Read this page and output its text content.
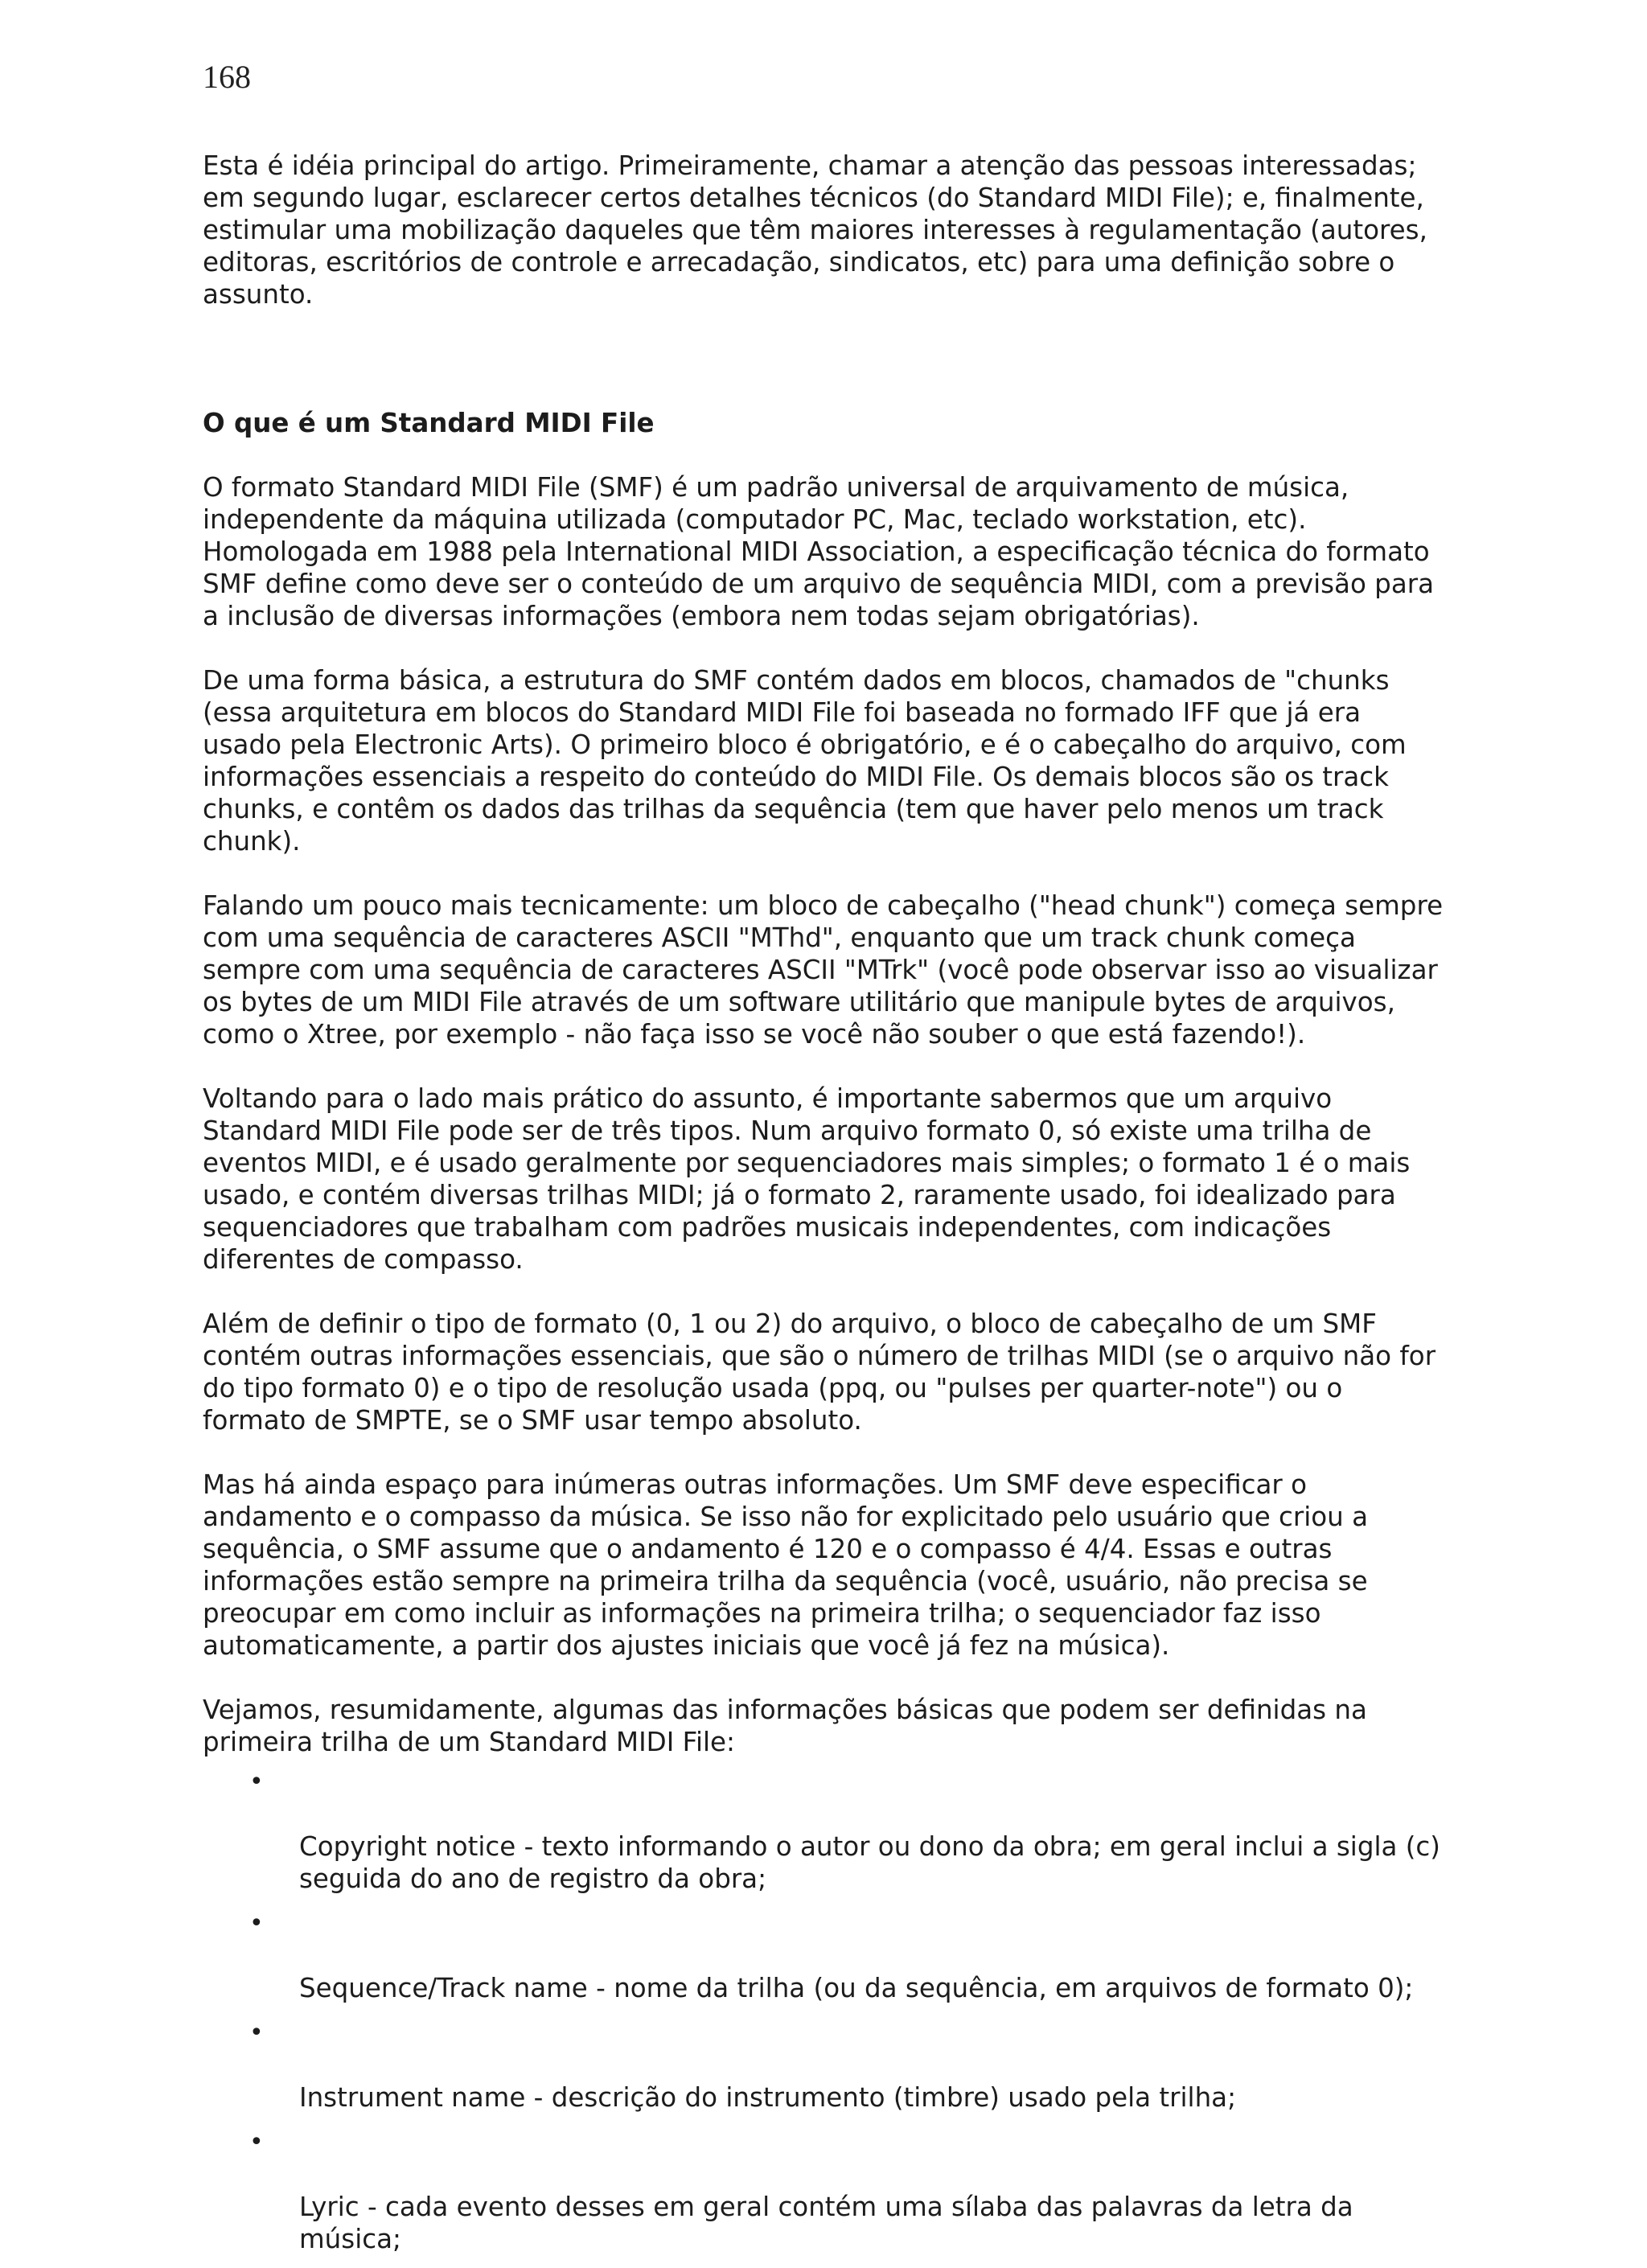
168

Esta é idéia principal do artigo. Primeiramente, chamar a atenção das pessoas interessadas;
em segundo lugar, esclarecer certos detalhes técnicos (do Standard MIDI File); e, finalmente,
estimular uma mobilização daqueles que têm maiores interesses à regulamentação (autores,
editoras, escritórios de controle e arrecadação, sindicatos, etc) para uma definição sobre o
assunto.

O que é um Standard MIDI File

O formato Standard MIDI File (SMF) é um padrão universal de arquivamento de música,
independente da máquina utilizada (computador PC, Mac, teclado workstation, etc).
Homologada em 1988 pela International MIDI Association, a especificação técnica do formato
SMF define como deve ser o conteúdo de um arquivo de sequência MIDI, com a previsão para
a inclusão de diversas informações (embora nem todas sejam obrigatórias).

De uma forma básica, a estrutura do SMF contém dados em blocos, chamados de "chunks
(essa arquitetura em blocos do Standard MIDI File foi baseada no formado IFF que já era
usado pela Electronic Arts). O primeiro bloco é obrigatório, e é o cabeçalho do arquivo, com
informações essenciais a respeito do conteúdo do MIDI File. Os demais blocos são os track
chunks, e contêm os dados das trilhas da sequência (tem que haver pelo menos um track
chunk).

Falando um pouco mais tecnicamente: um bloco de cabeçalho ("head chunk") começa sempre
com uma sequência de caracteres ASCII "MThd", enquanto que um track chunk começa
sempre com uma sequência de caracteres ASCII "MTrk" (você pode observar isso ao visualizar
os bytes de um MIDI File através de um software utilitário que manipule bytes de arquivos,
como o Xtree, por exemplo - não faça isso se você não souber o que está fazendo!).

Voltando para o lado mais prático do assunto, é importante sabermos que um arquivo
Standard MIDI File pode ser de três tipos. Num arquivo formato 0, só existe uma trilha de
eventos MIDI, e é usado geralmente por sequenciadores mais simples; o formato 1 é o mais
usado, e contém diversas trilhas MIDI; já o formato 2, raramente usado, foi idealizado para
sequenciadores que trabalham com padrões musicais independentes, com indicações
diferentes de compasso.

Além de definir o tipo de formato (0, 1 ou 2) do arquivo, o bloco de cabeçalho de um SMF
contém outras informações essenciais, que são o número de trilhas MIDI (se o arquivo não for
do tipo formato 0) e o tipo de resolução usada (ppq, ou "pulses per quarter-note") ou o
formato de SMPTE, se o SMF usar tempo absoluto.

Mas há ainda espaço para inúmeras outras informações. Um SMF deve especificar o
andamento e o compasso da música. Se isso não for explicitado pelo usuário que criou a
sequência, o SMF assume que o andamento é 120 e o compasso é 4/4. Essas e outras
informações estão sempre na primeira trilha da sequência (você, usuário, não precisa se
preocupar em como incluir as informações na primeira trilha; o sequenciador faz isso
automaticamente, a partir dos ajustes iniciais que você já fez na música).

Vejamos, resumidamente, algumas das informações básicas que podem ser definidas na
primeira trilha de um Standard MIDI File:

•

Copyright notice - texto informando o autor ou dono da obra; em geral inclui a sigla (c)
seguida do ano de registro da obra;

•

Sequence/Track name - nome da trilha (ou da sequência, em arquivos de formato 0);

•

Instrument name - descrição do instrumento (timbre) usado pela trilha;

•

Lyric - cada evento desses em geral contém uma sílaba das palavras da letra da
música;
